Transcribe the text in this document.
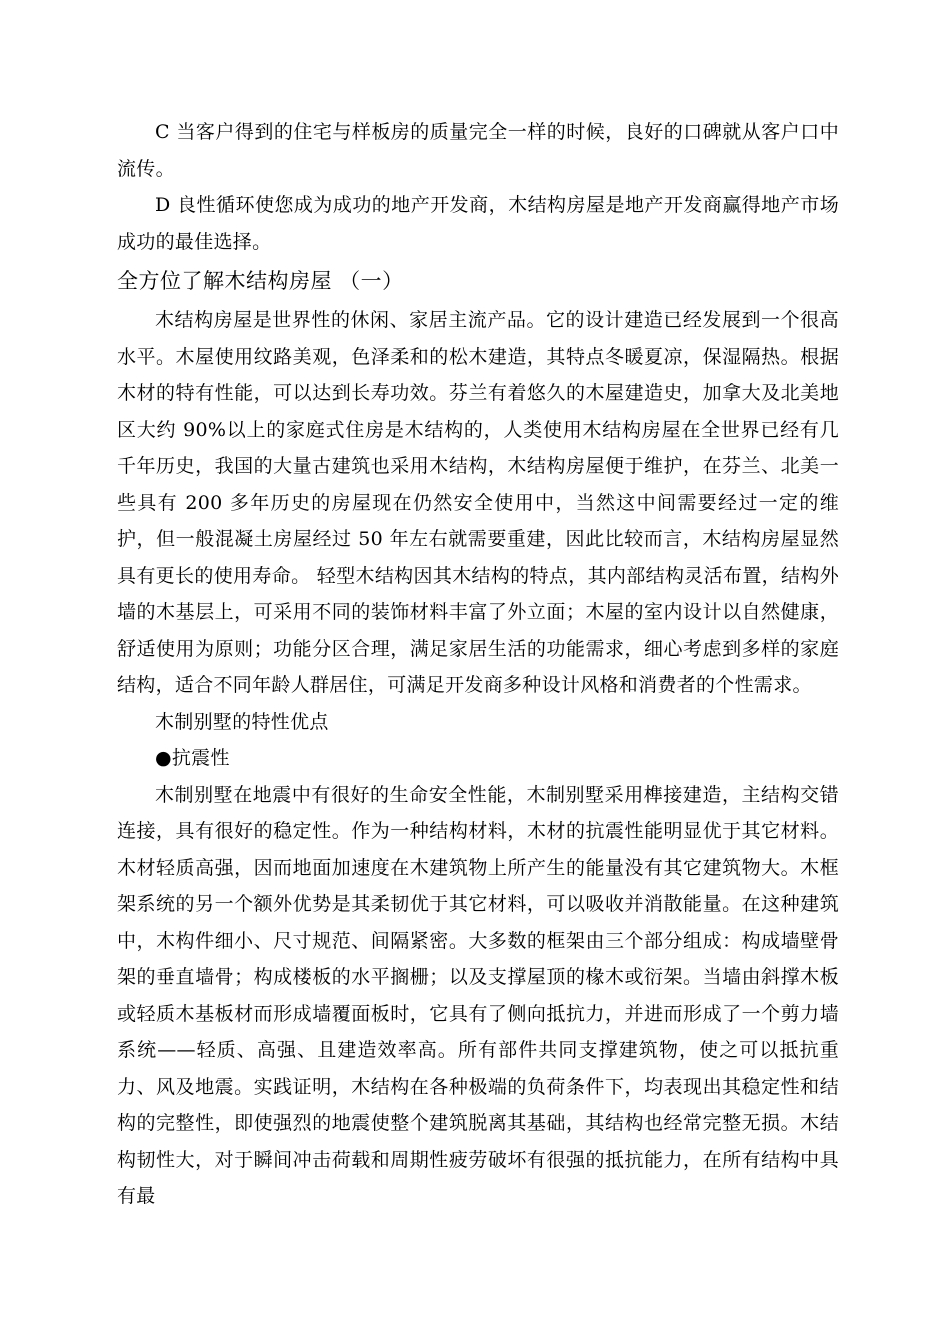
C 当客户得到的住宅与样板房的质量完全一样的时候，良好的口碑就从客户口中流传。

D 良性循环使您成为成功的地产开发商，木结构房屋是地产开发商赢得地产市场成功的最佳选择。

全方位了解木结构房屋 （一）

木结构房屋是世界性的休闲、家居主流产品。它的设计建造已经发展到一个很高水平。木屋使用纹路美观，色泽柔和的松木建造，其特点冬暖夏凉，保湿隔热。根据木材的特有性能，可以达到长寿功效。芬兰有着悠久的木屋建造史，加拿大及北美地区大约 90%以上的家庭式住房是木结构的，人类使用木结构房屋在全世界已经有几千年历史，我国的大量古建筑也采用木结构，木结构房屋便于维护，在芬兰、北美一些具有 200 多年历史的房屋现在仍然安全使用中，当然这中间需要经过一定的维护，但一般混凝土房屋经过 50 年左右就需要重建，因此比较而言，木结构房屋显然具有更长的使用寿命。 轻型木结构因其木结构的特点，其内部结构灵活布置，结构外墙的木基层上，可采用不同的装饰材料丰富了外立面；木屋的室内设计以自然健康，舒适使用为原则；功能分区合理，满足家居生活的功能需求，细心考虑到多样的家庭结构，适合不同年龄人群居住，可满足开发商多种设计风格和消费者的个性需求。

木制别墅的特性优点

●抗震性

木制别墅在地震中有很好的生命安全性能，木制别墅采用榫接建造，主结构交错连接，具有很好的稳定性。作为一种结构材料，木材的抗震性能明显优于其它材料。木材轻质高强，因而地面加速度在木建筑物上所产生的能量没有其它建筑物大。木框架系统的另一个额外优势是其柔韧优于其它材料，可以吸收并消散能量。在这种建筑中，木构件细小、尺寸规范、间隔紧密。大多数的框架由三个部分组成：构成墙壁骨架的垂直墙骨；构成楼板的水平搁栅；以及支撑屋顶的椽木或衍架。当墙由斜撑木板或轻质木基板材而形成墙覆面板时，它具有了侧向抵抗力，并进而形成了一个剪力墙系统——轻质、高强、且建造效率高。所有部件共同支撑建筑物，使之可以抵抗重力、风及地震。实践证明，木结构在各种极端的负荷条件下，均表现出其稳定性和结构的完整性，即使强烈的地震使整个建筑脱离其基础，其结构也经常完整无损。木结构韧性大，对于瞬间冲击荷载和周期性疲劳破坏有很强的抵抗能力，在所有结构中具有最
